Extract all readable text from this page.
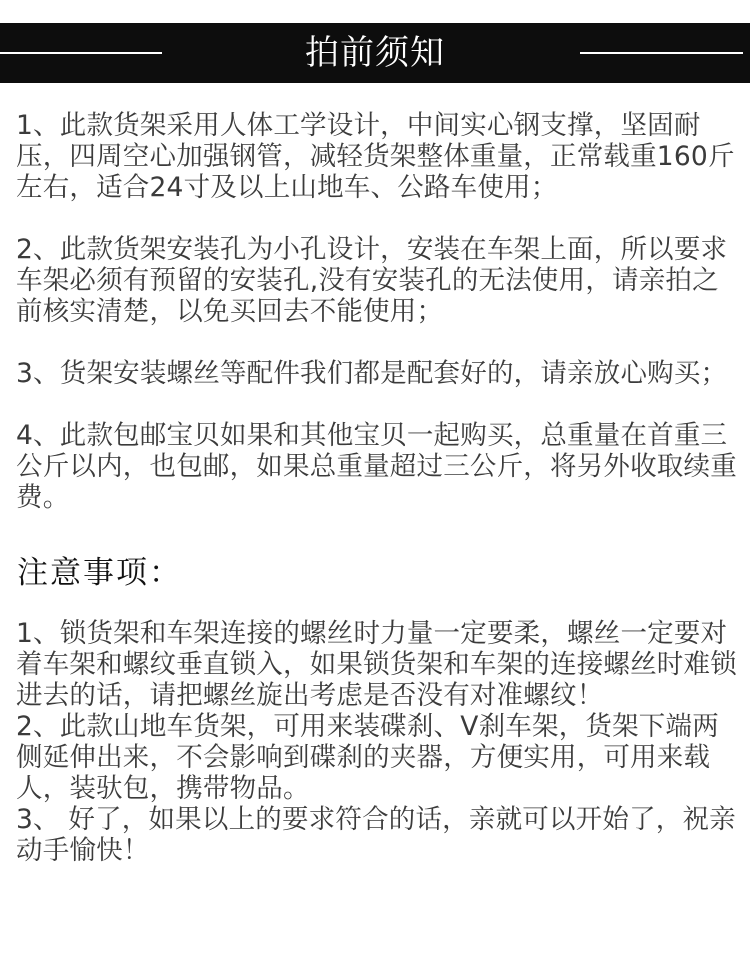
拍前须知

1、此款货架采用人体工学设计，中间实心钢支撑，坚固耐压，四周空心加强钢管，减轻货架整体重量，正常载重160斤左右，适合24寸及以上山地车、公路车使用；

2、此款货架安装孔为小孔设计，安装在车架上面，所以要求车架必须有预留的安装孔,没有安装孔的无法使用，请亲拍之前核实清楚，以免买回去不能使用；

3、货架安装螺丝等配件我们都是配套好的，请亲放心购买；

4、此款包邮宝贝如果和其他宝贝一起购买，总重量在首重三公斤以内，也包邮，如果总重量超过三公斤，将另外收取续重费。

注意事项：

1、锁货架和车架连接的螺丝时力量一定要柔，螺丝一定要对着车架和螺纹垂直锁入，如果锁货架和车架的连接螺丝时难锁进去的话，请把螺丝旋出考虑是否没有对准螺纹！

2、此款山地车货架，可用来装碟刹、V刹车架，货架下端两侧延伸出来，不会影响到碟刹的夹器，方便实用，可用来载人，装驮包，携带物品。

3、 好了，如果以上的要求符合的话，亲就可以开始了，祝亲动手愉快！
